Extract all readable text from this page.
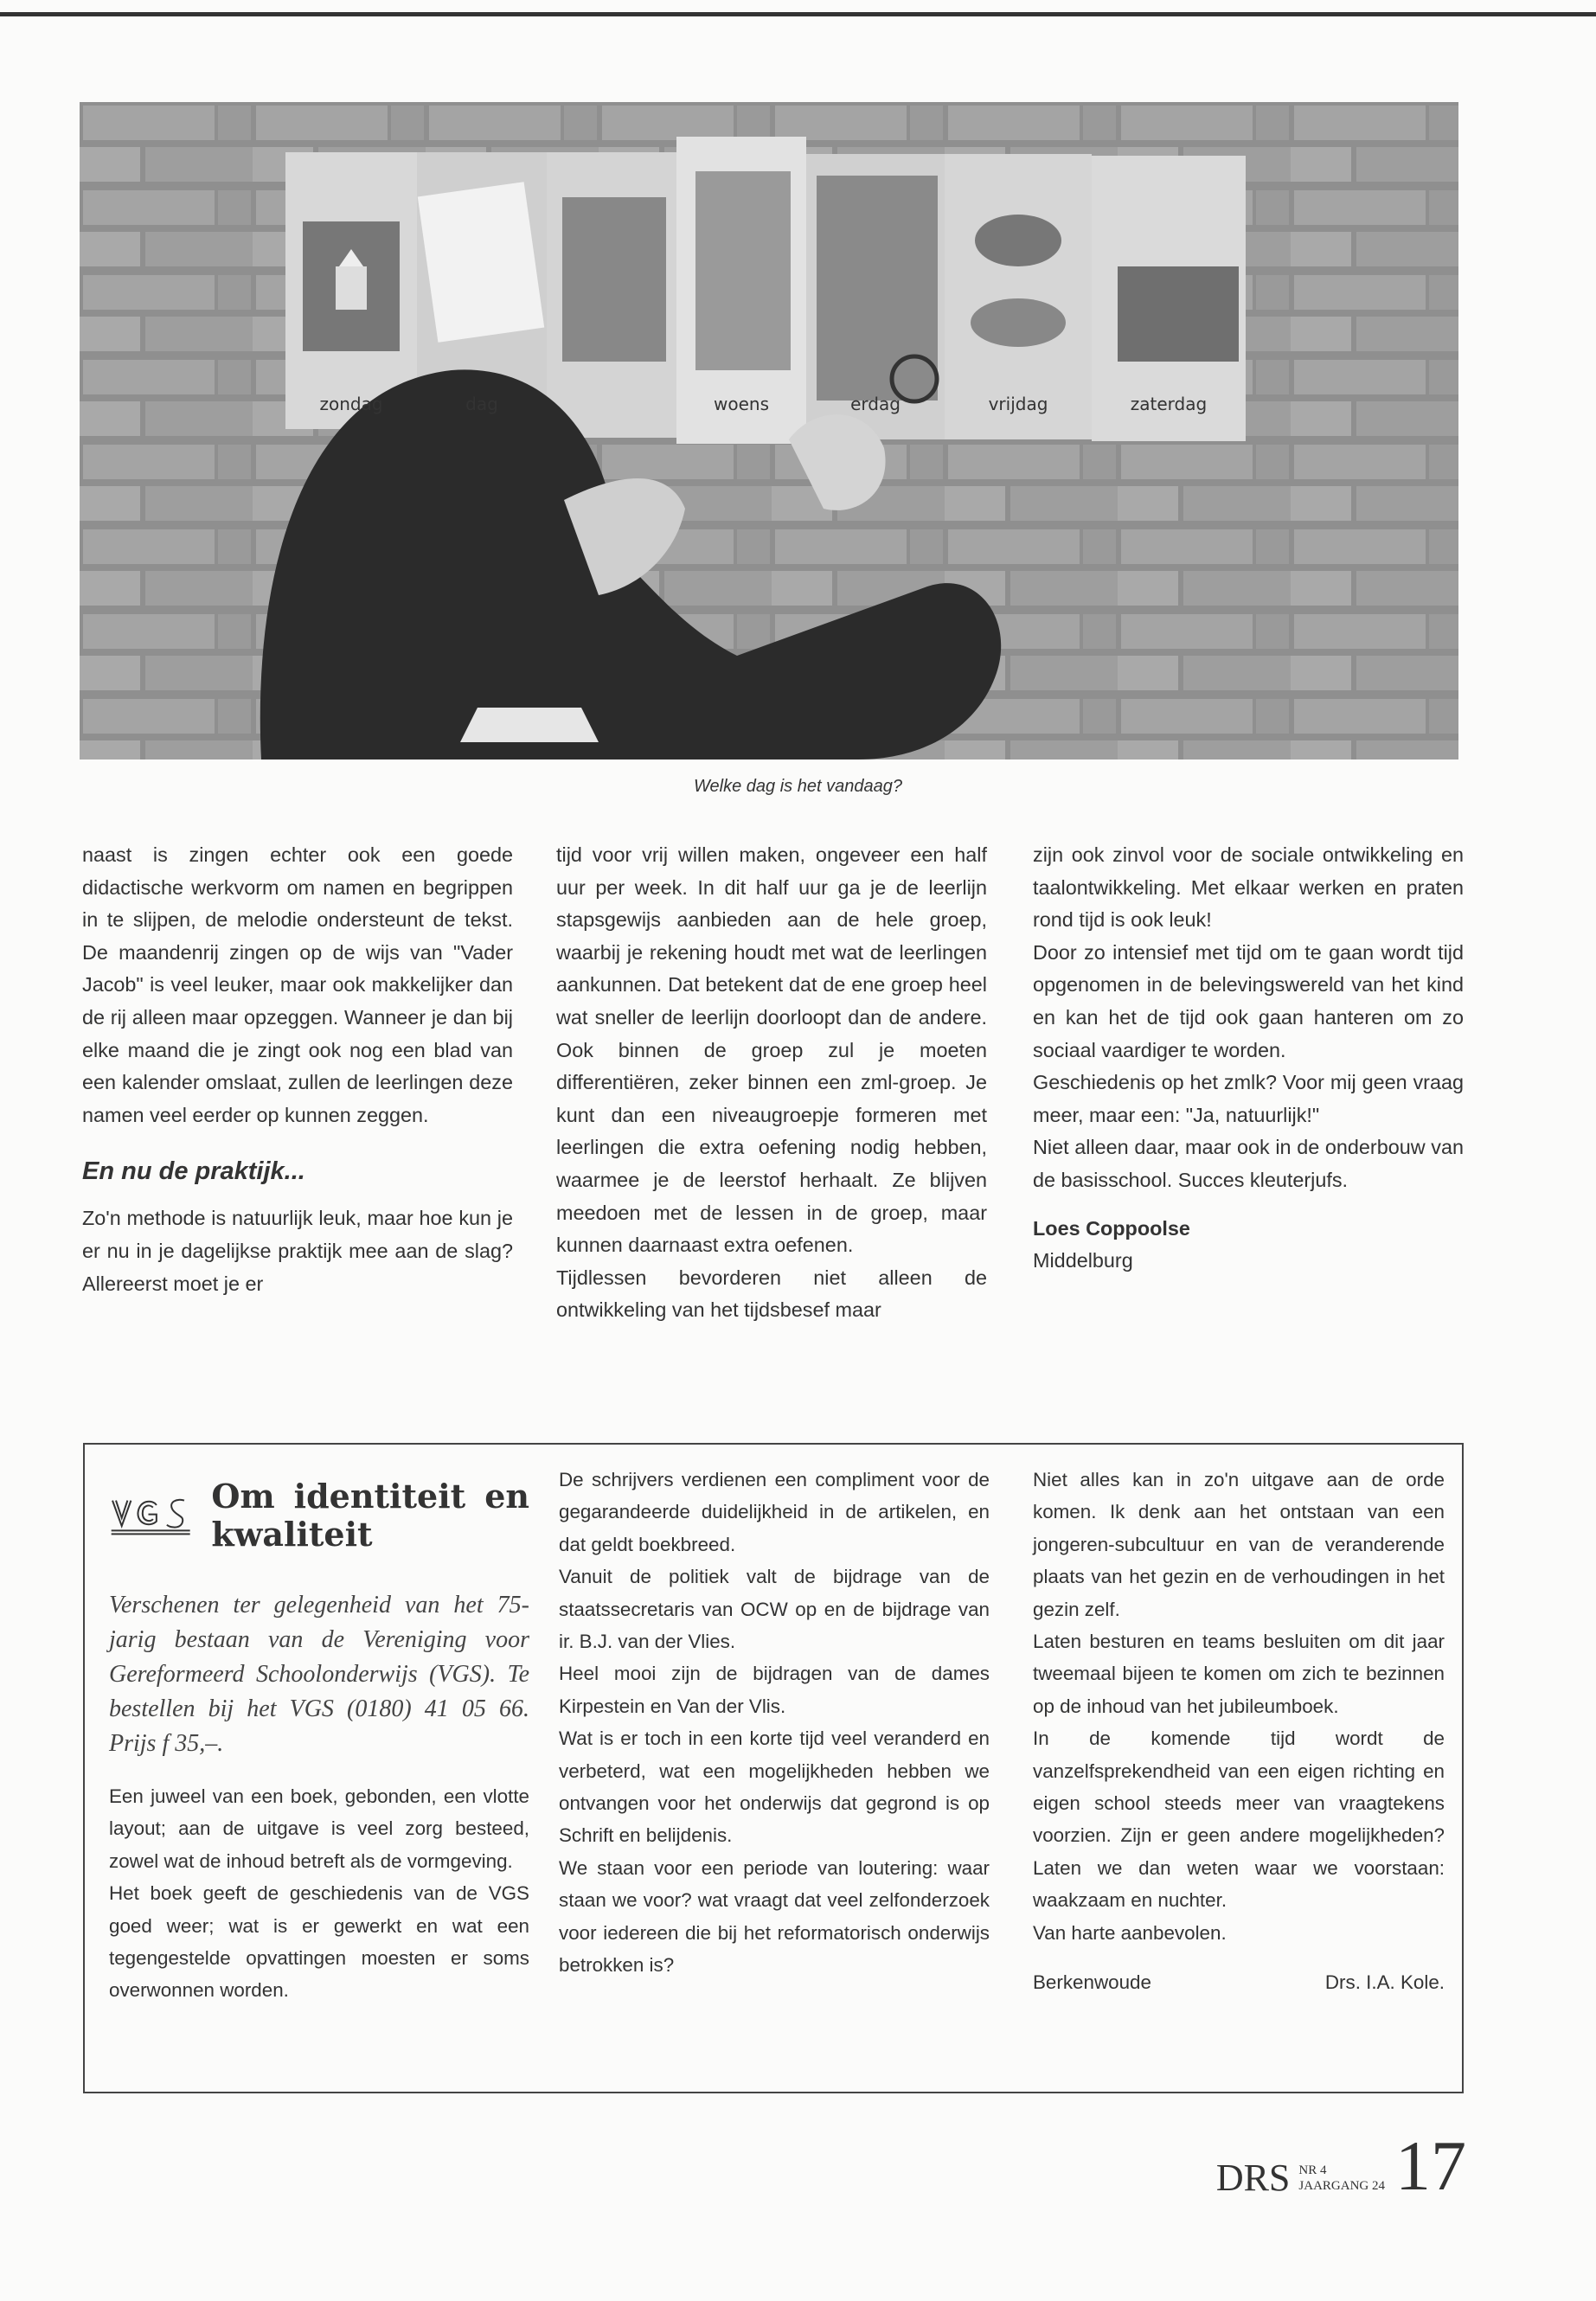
zondag	dag	woens	erdag	vrijdag	zaterdag
Welke dag is het vandaag?

naast is zingen echter ook een goede didactische werkvorm om namen en begrippen in te slijpen, de melodie ondersteunt de tekst. De maandenrij zingen op de wijs van "Vader Jacob" is veel leuker, maar ook makkelijker dan de rij alleen maar opzeggen. Wanneer je dan bij elke maand die je zingt ook nog een blad van een kalender omslaat, zullen de leerlingen deze namen veel eerder op kunnen zeggen.

En nu de praktijk...

Zo'n methode is natuurlijk leuk, maar hoe kun je er nu in je dagelijkse praktijk mee aan de slag? Allereerst moet je er

tijd voor vrij willen maken, ongeveer een half uur per week. In dit half uur ga je de leerlijn stapsgewijs aanbieden aan de hele groep, waarbij je rekening houdt met wat de leerlingen aankunnen. Dat betekent dat de ene groep heel wat sneller de leerlijn doorloopt dan de andere. Ook binnen de groep zul je moeten differentiëren, zeker binnen een zml-groep. Je kunt dan een niveaugroepje formeren met leerlingen die extra oefening nodig hebben, waarmee je de leerstof herhaalt. Ze blijven meedoen met de lessen in de groep, maar kunnen daarnaast extra oefenen.

Tijdlessen bevorderen niet alleen de ontwikkeling van het tijdsbesef maar

zijn ook zinvol voor de sociale ontwikkeling en taalontwikkeling. Met elkaar werken en praten rond tijd is ook leuk!

Door zo intensief met tijd om te gaan wordt tijd opgenomen in de belevingswereld van het kind en kan het de tijd ook gaan hanteren om zo sociaal vaardiger te worden.

Geschiedenis op het zmlk? Voor mij geen vraag meer, maar een: "Ja, natuurlijk!"

Niet alleen daar, maar ook in de onderbouw van de basisschool. Succes kleuterjufs.

Loes Coppoolse
Middelburg
Om identiteit en kwaliteit
Verschenen ter gelegenheid van het 75-jarig bestaan van de Vereniging voor Gereformeerd Schoolonderwijs (VGS). Te bestellen bij het VGS (0180) 41 05 66. Prijs f 35,–.

Een juweel van een boek, gebonden, een vlotte layout; aan de uitgave is veel zorg besteed, zowel wat de inhoud betreft als de vormgeving.

Het boek geeft de geschiedenis van de VGS goed weer; wat is er gewerkt en wat een tegengestelde opvattingen moesten er soms overwonnen worden.

De schrijvers verdienen een compliment voor de gegarandeerde duidelijkheid in de artikelen, en dat geldt boekbreed.

Vanuit de politiek valt de bijdrage van de staatssecretaris van OCW op en de bijdrage van ir. B.J. van der Vlies.

Heel mooi zijn de bijdragen van de dames Kirpestein en Van der Vlis.

Wat is er toch in een korte tijd veel veranderd en verbeterd, wat een mogelijkheden hebben we ontvangen voor het onderwijs dat gegrond is op Schrift en belijdenis.

We staan voor een periode van loutering: waar staan we voor? wat vraagt dat veel zelfonderzoek voor iedereen die bij het reformatorisch onderwijs betrokken is?

Niet alles kan in zo'n uitgave aan de orde komen. Ik denk aan het ontstaan van een jongeren-subcultuur en van de veranderende plaats van het gezin en de verhoudingen in het gezin zelf.

Laten besturen en teams besluiten om dit jaar tweemaal bijeen te komen om zich te bezinnen op de inhoud van het jubileumboek.

In de komende tijd wordt de vanzelfsprekendheid van een eigen richting en eigen school steeds meer van vraagtekens voorzien. Zijn er geen andere mogelijkheden? Laten we dan weten waar we voorstaan: waakzaam en nuchter.

Van harte aanbevolen.

Berkenwoude	Drs. I.A. Kole.
DRS NR 4
JAARGANG 24 17
